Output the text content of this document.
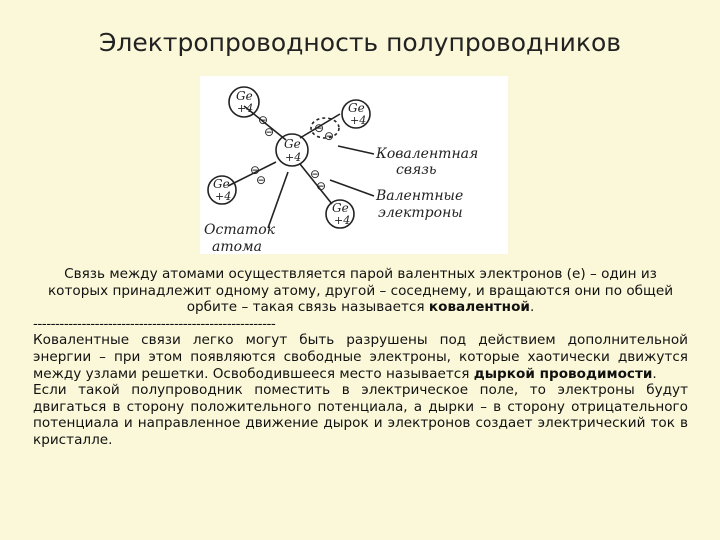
Электропроводность полупроводников
Ge
+4
Ge
+4
Ge
+4
Ge
+4
Ge
+4
⊖
⊖	⊖
⊖
⊖
⊖	⊖
⊖
Ковалентная
связь
Валентные
электроны
Остаток
атома

Связь между атомами осуществляется парой валентных электронов (е) – один из которых принадлежит одному атому, другой – соседнему, и вращаются они по общей орбите – такая связь называется ковалентной.

-------------------------------------------------------

Ковалентные связи легко могут быть разрушены под действием дополнительной энергии – при этом появляются свободные электроны, которые хаотически движутся между узлами решетки. Освободившееся место называется дыркой проводимости.

Если такой полупроводник поместить в электрическое поле, то электроны будут двигаться в сторону положительного потенциала, а дырки – в сторону отрицательного потенциала и направленное движение дырок и электронов создает электрический ток в кристалле.
